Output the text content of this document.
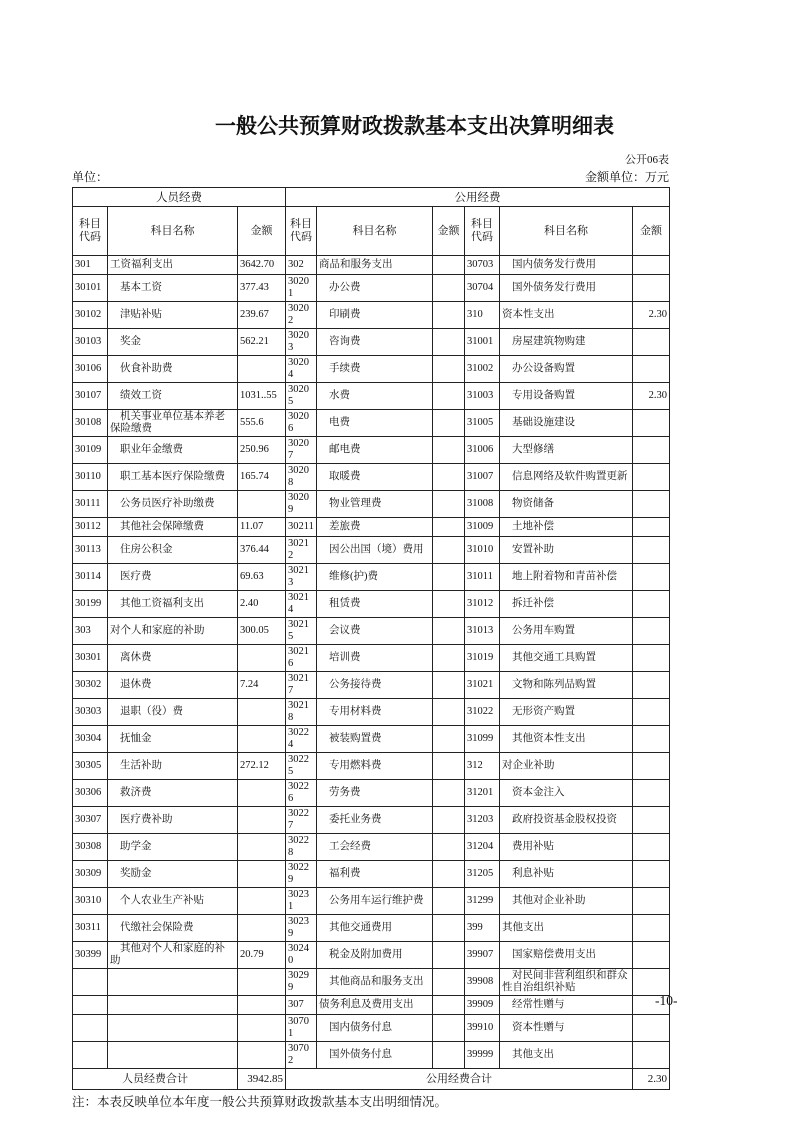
一般公共预算财政拨款基本支出决算明细表
公开06表
单位：	金额单位：万元
人员经费			公用经费					
科目代码	科目名称	金额	科目代码	科目名称	金额	科目代码	科目名称	金额
301	工资福利支出	3642.70	302	商品和服务支出		30703	国内债务发行费用	
30101	基本工资	377.43	30201	办公费		30704	国外债务发行费用	
30102	津贴补贴	239.67	30202	印刷费		310	资本性支出	2.30
30103	奖金	562.21	30203	咨询费		31001	房屋建筑物购建	
30106	伙食补助费		30204	手续费		31002	办公设备购置	
30107	绩效工资	1031..55	30205	水费		31003	专用设备购置	2.30
30108	机关事业单位基本养老保险缴费	555.6	30206	电费		31005	基础设施建设	
30109	职业年金缴费	250.96	30207	邮电费		31006	大型修缮	
30110	职工基本医疗保险缴费	165.74	30208	取暖费		31007	信息网络及软件购置更新	
30111	公务员医疗补助缴费		30209	物业管理费		31008	物资储备	
30112	其他社会保障缴费	11.07	30211	差旅费		31009	土地补偿	
30113	住房公积金	376.44	30212	因公出国（境）费用		31010	安置补助	
30114	医疗费	69.63	30213	维修(护)费		31011	地上附着物和青苗补偿	
30199	其他工资福利支出	2.40	30214	租赁费		31012	拆迁补偿	
303	对个人和家庭的补助	300.05	30215	会议费		31013	公务用车购置	
30301	离休费		30216	培训费		31019	其他交通工具购置	
30302	退休费	7.24	30217	公务接待费		31021	文物和陈列品购置	
30303	退职（役）费		30218	专用材料费		31022	无形资产购置	
30304	抚恤金		30224	被装购置费		31099	其他资本性支出	
30305	生活补助	272.12	30225	专用燃料费		312	对企业补助	
30306	救济费		30226	劳务费		31201	资本金注入	
30307	医疗费补助		30227	委托业务费		31203	政府投资基金股权投资	
30308	助学金		30228	工会经费		31204	费用补贴	
30309	奖励金		30229	福利费		31205	利息补贴	
30310	个人农业生产补贴		30231	公务用车运行维护费		31299	其他对企业补助	
30311	代缴社会保险费		30239	其他交通费用		399	其他支出	
30399	其他对个人和家庭的补助	20.79	30240	税金及附加费用		39907	国家赔偿费用支出	
			30299	其他商品和服务支出		39908	对民间非营利组织和群众性自治组织补贴	
			307	债务利息及费用支出		39909	经常性赠与	
			30701	国内债务付息		39910	资本性赠与	
			30702	国外债务付息		39999	其他支出	
人员经费合计		3942.85	公用经费合计					2.30
注：本表反映单位本年度一般公共预算财政拨款基本支出明细情况。
-10-
